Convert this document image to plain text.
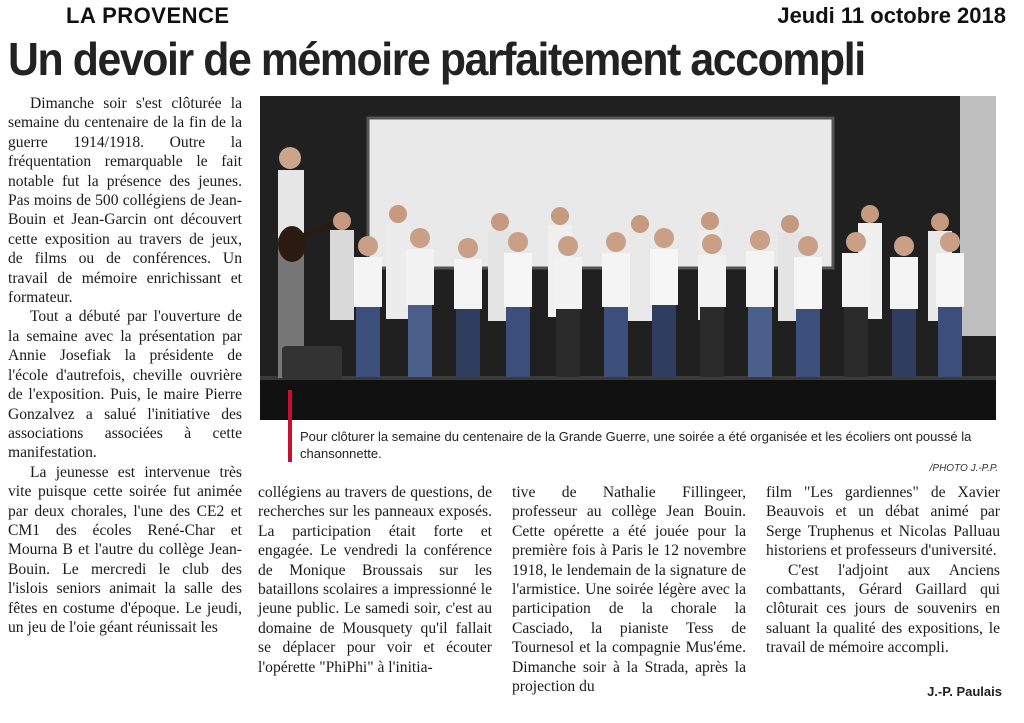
LA PROVENCE	Jeudi 11 octobre 2018
Un devoir de mémoire parfaitement accompli

Dimanche soir s'est clôturée la semaine du centenaire de la fin de la guerre 1914/1918. Outre la fréquentation remarquable le fait notable fut la présence des jeunes. Pas moins de 500 collégiens de Jean-Bouin et Jean-Garcin ont découvert cette exposition au travers de jeux, de films ou de conférences. Un travail de mémoire enrichissant et formateur.

Tout a débuté par l'ouverture de la semaine avec la présentation par Annie Josefiak la présidente de l'école d'autrefois, cheville ouvrière de l'exposition. Puis, le maire Pierre Gonzalvez a salué l'initiative des associations associées à cette manifestation.

La jeunesse est intervenue très vite puisque cette soirée fut animée par deux chorales, l'une des CE2 et CM1 des écoles René-Char et Mourna B et l'autre du collège Jean-Bouin. Le mercredi le club des l'islois seniors animait la salle des fêtes en costume d'époque. Le jeudi, un jeu de l'oie géant réunissait les

Pour clôturer la semaine du centenaire de la Grande Guerre, une soirée a été organisée et les écoliers ont poussé la chansonnette.
/PHOTO J.-P.P.

collégiens au travers de questions, de recherches sur les panneaux exposés. La participation était forte et engagée. Le vendredi la conférence de Monique Broussais sur les bataillons scolaires a impressionné le jeune public. Le samedi soir, c'est au domaine de Mousquety qu'il fallait se déplacer pour voir et écouter l'opérette "PhiPhi" à l'initia-

tive de Nathalie Fillingeer, professeur au collège Jean Bouin. Cette opérette a été jouée pour la première fois à Paris le 12 novembre 1918, le lendemain de la signature de l'armistice. Une soirée légère avec la participation de la chorale la Casciado, la pianiste Tess de Tournesol et la compagnie Mus'éme. Dimanche soir à la Strada, après la projection du

film "Les gardiennes" de Xavier Beauvois et un débat animé par Serge Truphenus et Nicolas Palluau historiens et professeurs d'université.

C'est l'adjoint aux Anciens combattants, Gérard Gaillard qui clôturait ces jours de souvenirs en saluant la qualité des expositions, le travail de mémoire accompli.

J.-P. Paulais
